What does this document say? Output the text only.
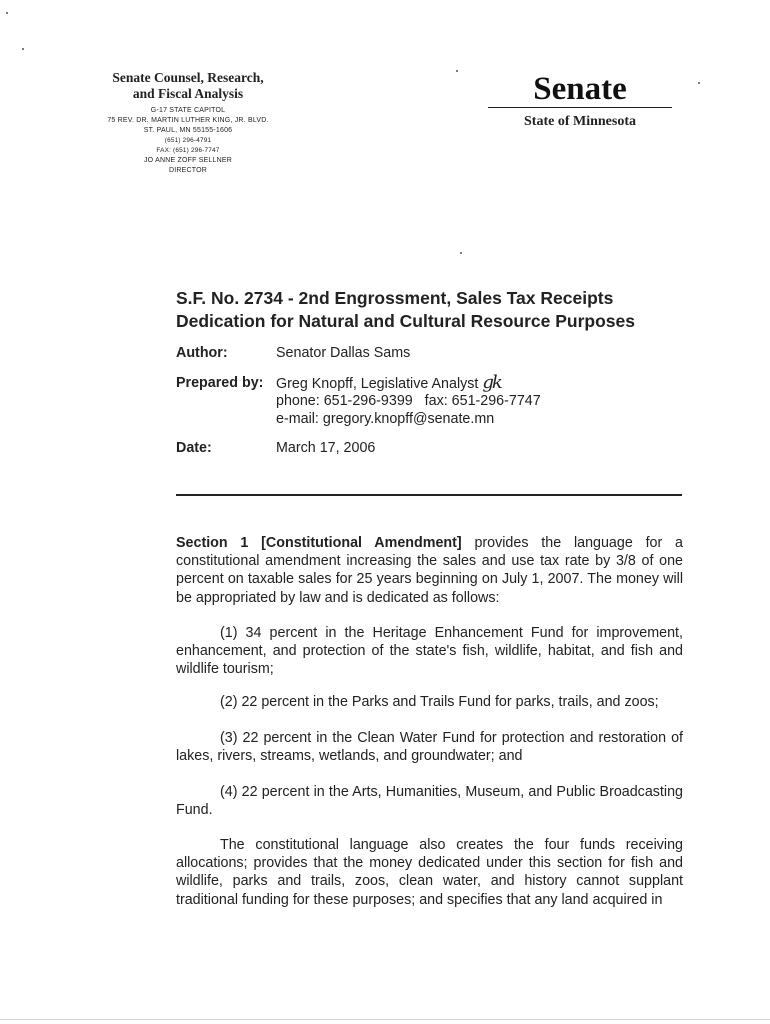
Senate Counsel, Research,
and Fiscal Analysis
G-17 STATE CAPITOL
75 REV. DR. MARTIN LUTHER KING, JR. BLVD.
ST. PAUL, MN 55155-1606
(651) 296-4791
FAX: (651) 296-7747
JO ANNE ZOFF SELLNER
DIRECTOR
Senate
State of Minnesota
S.F. No. 2734 - 2nd Engrossment, Sales Tax Receipts
Dedication for Natural and Cultural Resource Purposes
Author:	Senator Dallas Sams
Prepared by: Greg Knopff, Legislative Analyst gk
phone: 651-296-9399   fax: 651-296-7747
e-mail: gregory.knopff@senate.mn
Date:	March 17, 2006
Section 1 [Constitutional Amendment] provides the language for a constitutional amendment increasing the sales and use tax rate by 3/8 of one percent on taxable sales for 25 years beginning on July 1, 2007. The money will be appropriated by law and is dedicated as follows:
(1) 34 percent in the Heritage Enhancement Fund for improvement, enhancement, and protection of the state's fish, wildlife, habitat, and fish and wildlife tourism;
(2) 22 percent in the Parks and Trails Fund for parks, trails, and zoos;
(3) 22 percent in the Clean Water Fund for protection and restoration of lakes, rivers, streams, wetlands, and groundwater; and
(4) 22 percent in the Arts, Humanities, Museum, and Public Broadcasting Fund.
The constitutional language also creates the four funds receiving allocations; provides that the money dedicated under this section for fish and wildlife, parks and trails, zoos, clean water, and history cannot supplant traditional funding for these purposes; and specifies that any land acquired in
